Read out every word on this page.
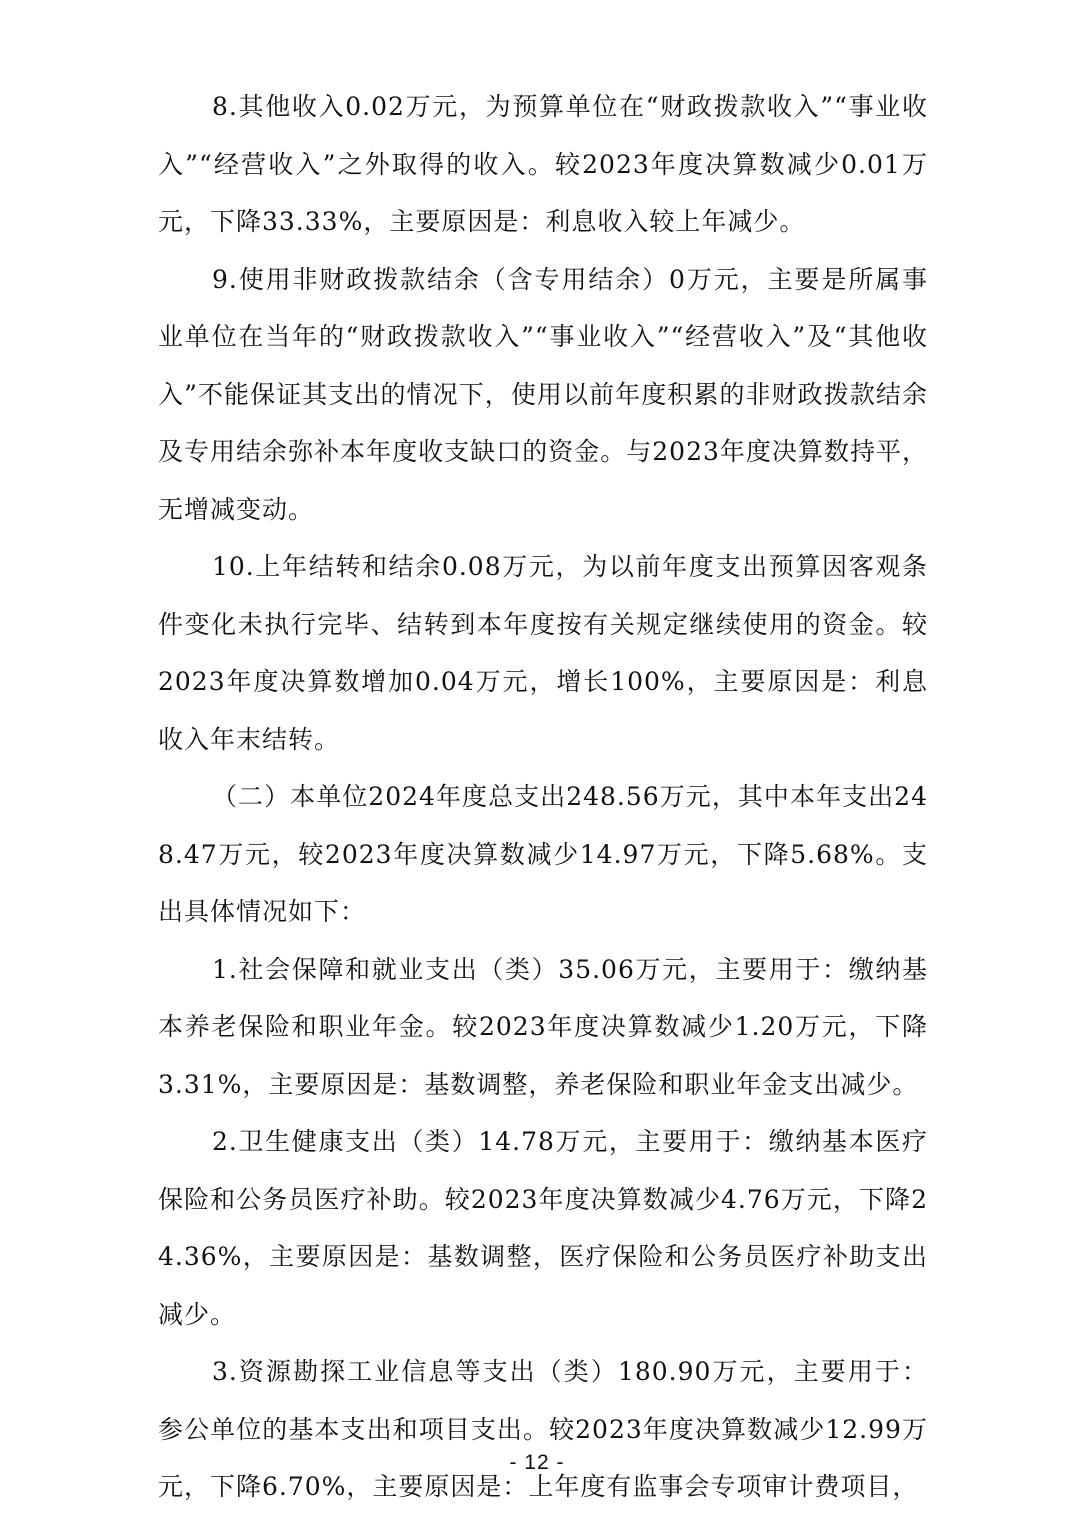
8.其他收入0.02万元，为预算单位在“财政拨款收入”“事业收入”“经营收入”之外取得的收入。较2023年度决算数减少0.01万元，下降33.33%，主要原因是：利息收入较上年减少。

9.使用非财政拨款结余（含专用结余）0万元，主要是所属事业单位在当年的“财政拨款收入”“事业收入”“经营收入”及“其他收入”不能保证其支出的情况下，使用以前年度积累的非财政拨款结余及专用结余弥补本年度收支缺口的资金。与2023年度决算数持平，无增减变动。

10.上年结转和结余0.08万元，为以前年度支出预算因客观条件变化未执行完毕、结转到本年度按有关规定继续使用的资金。较2023年度决算数增加0.04万元，增长100%，主要原因是：利息收入年末结转。

（二）本单位2024年度总支出248.56万元，其中本年支出248.47万元，较2023年度决算数减少14.97万元，下降5.68%。支出具体情况如下：

1.社会保障和就业支出（类）35.06万元，主要用于：缴纳基本养老保险和职业年金。较2023年度决算数减少1.20万元，下降3.31%，主要原因是：基数调整，养老保险和职业年金支出减少。

2.卫生健康支出（类）14.78万元，主要用于：缴纳基本医疗保险和公务员医疗补助。较2023年度决算数减少4.76万元，下降24.36%，主要原因是：基数调整，医疗保险和公务员医疗补助支出减少。

3.资源勘探工业信息等支出（类）180.90万元，主要用于：参公单位的基本支出和项目支出。较2023年度决算数减少12.99万元，下降6.70%，主要原因是：上年度有监事会专项审计费项目，

- 12 -
